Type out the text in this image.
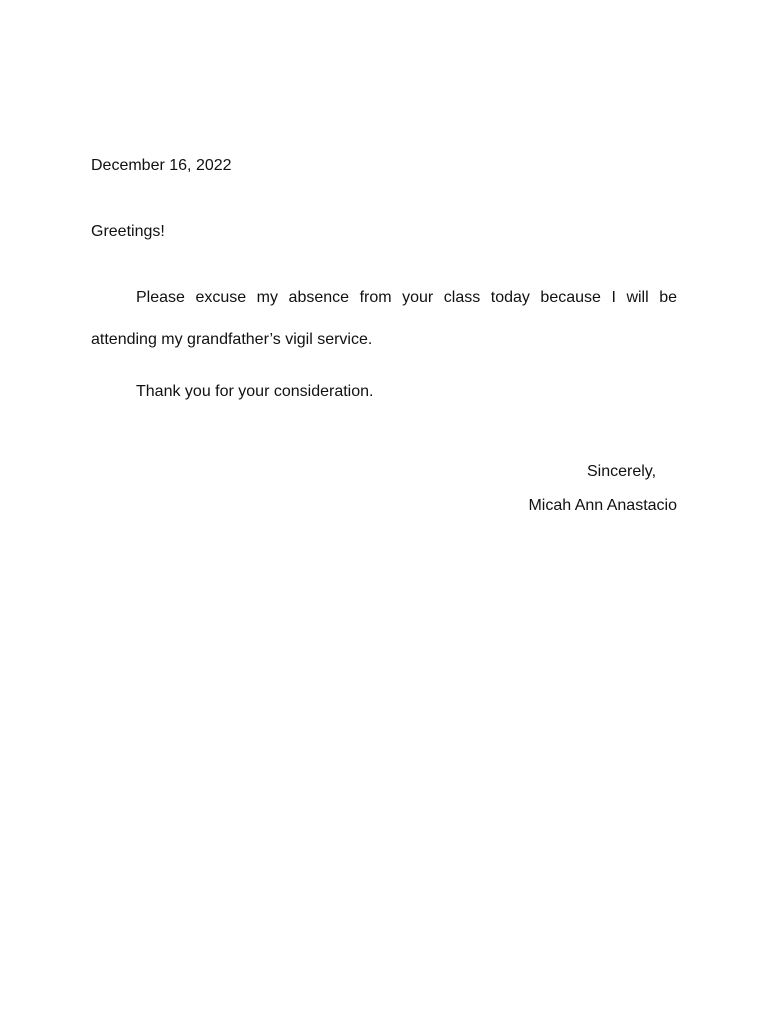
December 16, 2022
Greetings!
Please excuse my absence from your class today because I will be
attending my grandfather’s vigil service.
Thank you for your consideration.
Sincerely,
Micah Ann Anastacio
